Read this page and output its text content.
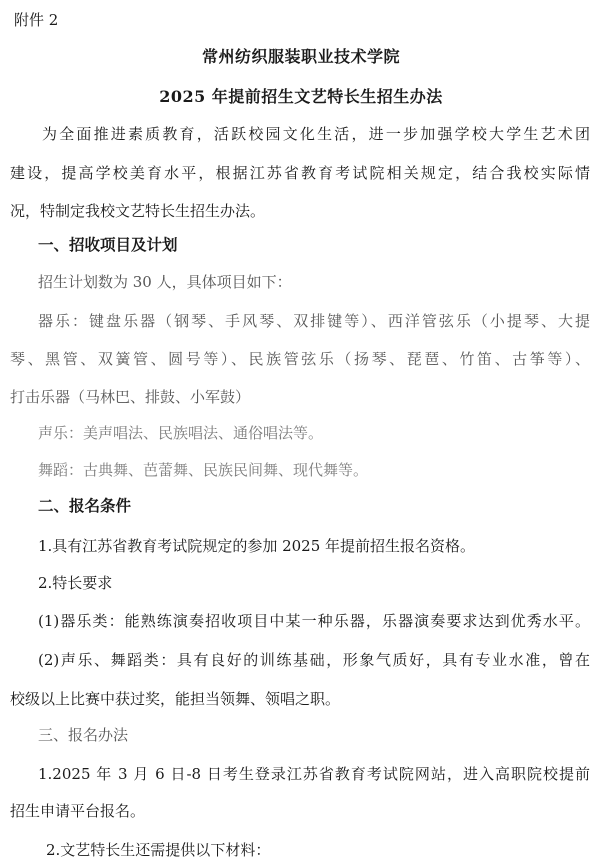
附件 2
常州纺织服装职业技术学院
2025 年提前招生文艺特长生招生办法
为全面推进素质教育，活跃校园文化生活，进一步加强学校大学生艺术团
建设，提高学校美育水平，根据江苏省教育考试院相关规定，结合我校实际情
况，特制定我校文艺特长生招生办法。
一、招收项目及计划
招生计划数为 30 人，具体项目如下：
器乐：键盘乐器（钢琴、手风琴、双排键等）、西洋管弦乐（小提琴、大提
琴、黑管、双簧管、圆号等）、民族管弦乐（扬琴、琵琶、竹笛、古筝等）、
打击乐器（马林巴、排鼓、小军鼓）
声乐：美声唱法、民族唱法、通俗唱法等。
舞蹈：古典舞、芭蕾舞、民族民间舞、现代舞等。
二、报名条件
1.具有江苏省教育考试院规定的参加 2025 年提前招生报名资格。
2.特长要求
(1)器乐类：能熟练演奏招收项目中某一种乐器，乐器演奏要求达到优秀水平。
(2)声乐、舞蹈类：具有良好的训练基础，形象气质好，具有专业水准，曾在
校级以上比赛中获过奖，能担当领舞、领唱之职。
三、报名办法
1.2025 年 3 月 6 日-8 日考生登录江苏省教育考试院网站，进入高职院校提前
招生申请平台报名。
2.文艺特长生还需提供以下材料：
